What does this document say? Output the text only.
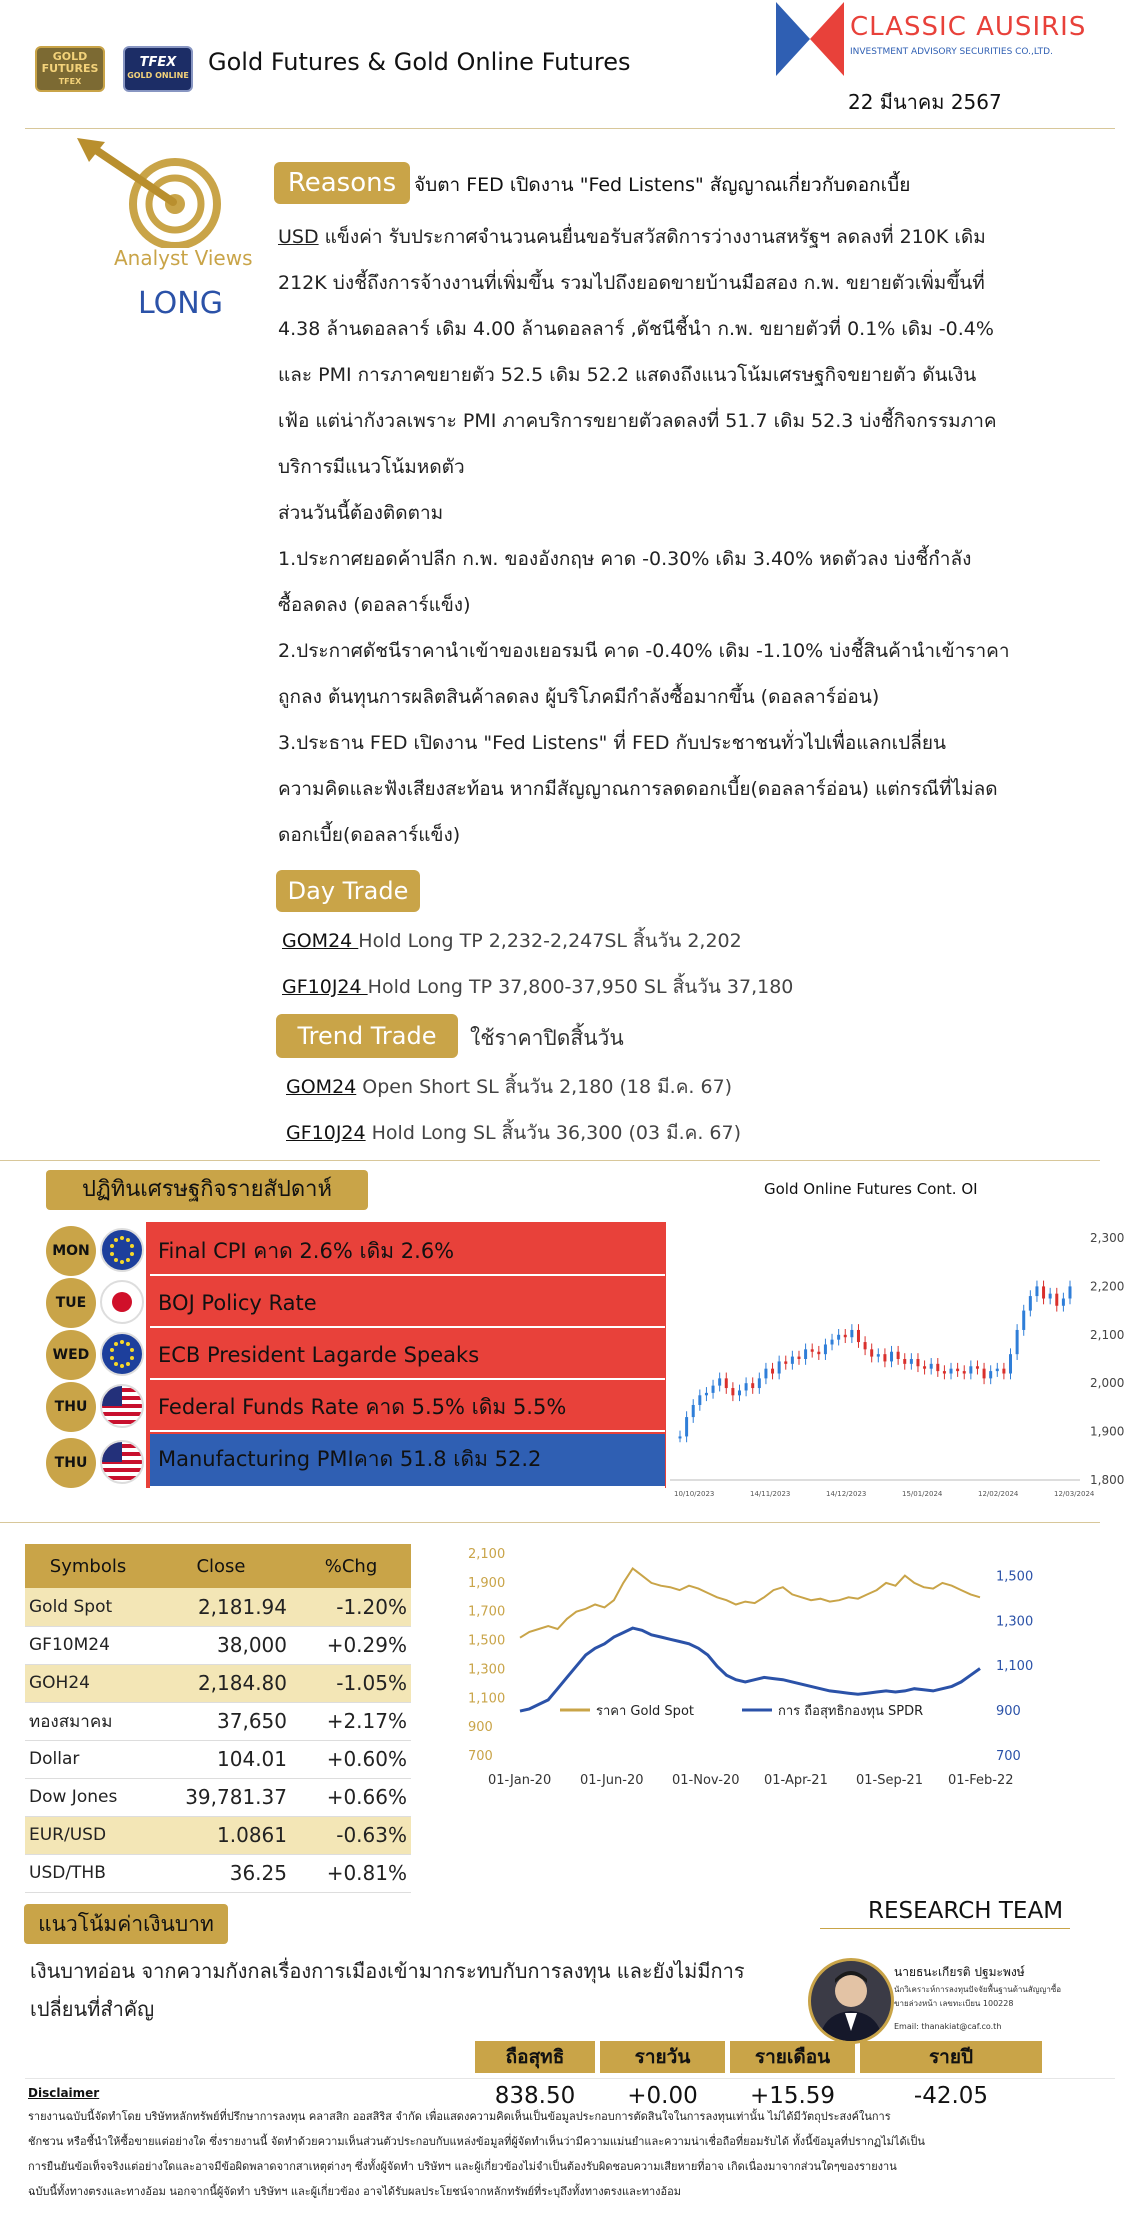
GOLD FUTURES
TFEX
TFEX
GOLD ONLINE Gold Futures & Gold Online Futures
CLASSIC AUSIRIS
INVESTMENT ADVISORY SECURITIES CO.,LTD.
22 มีนาคม 2567
Analyst Views
LONG
Reasons จับตา FED เปิดงาน "Fed Listens" สัญญาณเกี่ยวกับดอกเบี้ย
USD แข็งค่า รับประกาศจำนวนคนยื่นขอรับสวัสดิการว่างงานสหรัฐฯ ลดลงที่ 210K เดิม
212K บ่งชี้ถึงการจ้างงานที่เพิ่มขึ้น รวมไปถึงยอดขายบ้านมือสอง ก.พ. ขยายตัวเพิ่มขึ้นที่
4.38 ล้านดอลลาร์ เดิม 4.00 ล้านดอลลาร์ ,ดัชนีชี้นำ ก.พ. ขยายตัวที่ 0.1% เดิม -0.4%
และ PMI การภาคขยายตัว 52.5 เดิม 52.2 แสดงถึงแนวโน้มเศรษฐกิจขยายตัว ดันเงิน
เฟ้อ แต่น่ากังวลเพราะ PMI ภาคบริการขยายตัวลดลงที่ 51.7 เดิม 52.3 บ่งชี้กิจกรรมภาค
บริการมีแนวโน้มหดตัว
ส่วนวันนี้ต้องติดตาม
1.ประกาศยอดค้าปลีก ก.พ. ของอังกฤษ คาด -0.30% เดิม 3.40% หดตัวลง บ่งชี้กำลัง
ซื้อลดลง (ดอลลาร์แข็ง)
2.ประกาศดัชนีราคานำเข้าของเยอรมนี คาด -0.40% เดิม -1.10% บ่งชี้สินค้านำเข้าราคา
ถูกลง ต้นทุนการผลิตสินค้าลดลง ผู้บริโภคมีกำลังซื้อมากขึ้น (ดอลลาร์อ่อน)
3.ประธาน FED เปิดงาน "Fed Listens" ที่ FED กับประชาชนทั่วไปเพื่อแลกเปลี่ยน
ความคิดและฟังเสียงสะท้อน หากมีสัญญาณการลดดอกเบี้ย(ดอลลาร์อ่อน) แต่กรณีที่ไม่ลด
ดอกเบี้ย(ดอลลาร์แข็ง)
Day Trade
GOM24 Hold Long TP 2,232-2,247SL สิ้นวัน 2,202
GF10J24 Hold Long TP 37,800-37,950 SL สิ้นวัน 37,180
Trend Trade	ใช้ราคาปิดสิ้นวัน
GOM24 Open Short SL สิ้นวัน 2,180 (18 มี.ค. 67)
GF10J24 Hold Long SL สิ้นวัน 36,300 (03 มี.ค. 67)
ปฏิทินเศรษฐกิจรายสัปดาห์
MON	Final CPI คาด 2.6% เดิม 2.6%
TUE	BOJ Policy Rate
WED	ECB President Lagarde Speaks
THU	Federal Funds Rate คาด 5.5% เดิม 5.5%
THU	Manufacturing PMIคาด 51.8 เดิม 52.2
Gold Online Futures Cont. OI
2,300
2,200
2,100
2,000
1,900
1,800
10/10/2023	14/11/2023	14/12/2023	15/01/2024	12/02/2024	12/03/2024
Symbols	Close	%Chg
Gold Spot	2,181.94	-1.20%
GF10M24	38,000	+0.29%
GOH24	2,184.80	-1.05%
ทองสมาคม	37,650	+2.17%
Dollar	104.01	+0.60%
Dow Jones	39,781.37	+0.66%
EUR/USD	1.0861	-0.63%
USD/THB	36.25	+0.81%
2,100
1,900
1,700
1,500
1,300
1,100
900
700
1,500
1,300
1,100
900
700
01-Jan-20 01-Jun-20 01-Nov-20 01-Apr-21 01-Sep-21 01-Feb-22
ราคา Gold Spot	การ ถือสุทธิกองทุน SPDR
ถือสุทธิ	รายวัน	รายเดือน	รายปี
838.50	+0.00	+15.59	-42.05
แนวโน้มค่าเงินบาท
เงินบาทอ่อน จากความกังกลเรื่องการเมืองเข้ามากระทบกับการลงทุน และยังไม่มีการ
เปลี่ยนที่สำคัญ
RESEARCH TEAM
นายธนะเกียรติ ปฐมะพงษ์
นักวิเคราะห์การลงทุนปัจจัยพื้นฐานด้านสัญญาซื้อ
ขายล่วงหน้า เลขทะเบียน 100228
Email: thanakiat@caf.co.th
Disclaimer
รายงานฉบับนี้จัดทำโดย บริษัทหลักทรัพย์ที่ปรึกษาการลงทุน คลาสสิก ออสสิริส จำกัด เพื่อแสดงความคิดเห็นเป็นข้อมูลประกอบการตัดสินใจในการลงทุนเท่านั้น ไม่ได้มีวัตถุประสงค์ในการ
ชักชวน หรือชี้นำให้ซื้อขายแต่อย่างใด ซึ่งรายงานนี้ จัดทำด้วยความเห็นส่วนตัวประกอบกับแหล่งข้อมูลที่ผู้จัดทำเห็นว่ามีความแม่นยำและความน่าเชื่อถือที่ยอมรับได้ ทั้งนี้ข้อมูลที่ปรากฏไม่ได้เป็น
การยืนยันข้อเท็จจริงแต่อย่างใดและอาจมีข้อผิดพลาดจากสาเหตุต่างๆ ซึ่งทั้งผู้จัดทำ บริษัทฯ และผู้เกี่ยวข้องไม่จำเป็นต้องรับผิดชอบความเสียหายที่อาจ เกิดเนื่องมาจากส่วนใดๆของรายงาน
ฉบับนี้ทั้งทางตรงและทางอ้อม นอกจากนี้ผู้จัดทำ บริษัทฯ และผู้เกี่ยวข้อง อาจได้รับผลประโยชน์จากหลักทรัพย์ที่ระบุถึงทั้งทางตรงและทางอ้อม
